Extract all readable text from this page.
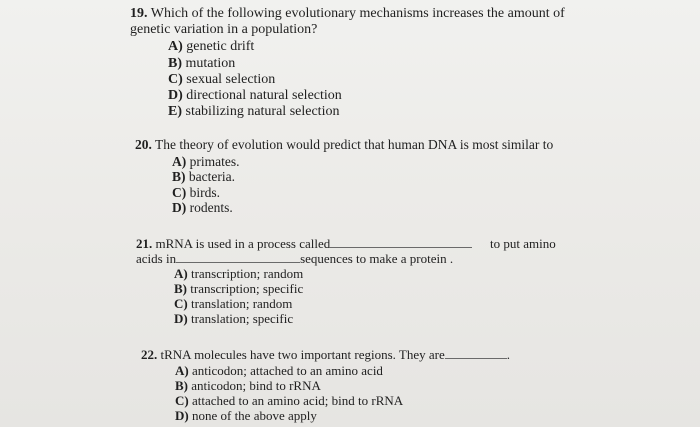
19. Which of the following evolutionary mechanisms increases the amount of
genetic variation in a population?
A) genetic drift
B) mutation
C) sexual selection
D) directional natural selection
E) stabilizing natural selection
20. The theory of evolution would predict that human DNA is most similar to
A) primates.
B) bacteria.
C) birds.
D) rodents.
21. mRNA is used in a process called	to put amino
acids in	sequences to make a protein .
A) transcription; random
B) transcription; specific
C) translation; random
D) translation; specific
22. tRNA molecules have two important regions. They are	.
A) anticodon; attached to an amino acid
B) anticodon; bind to rRNA
C) attached to an amino acid; bind to rRNA
D) none of the above apply
